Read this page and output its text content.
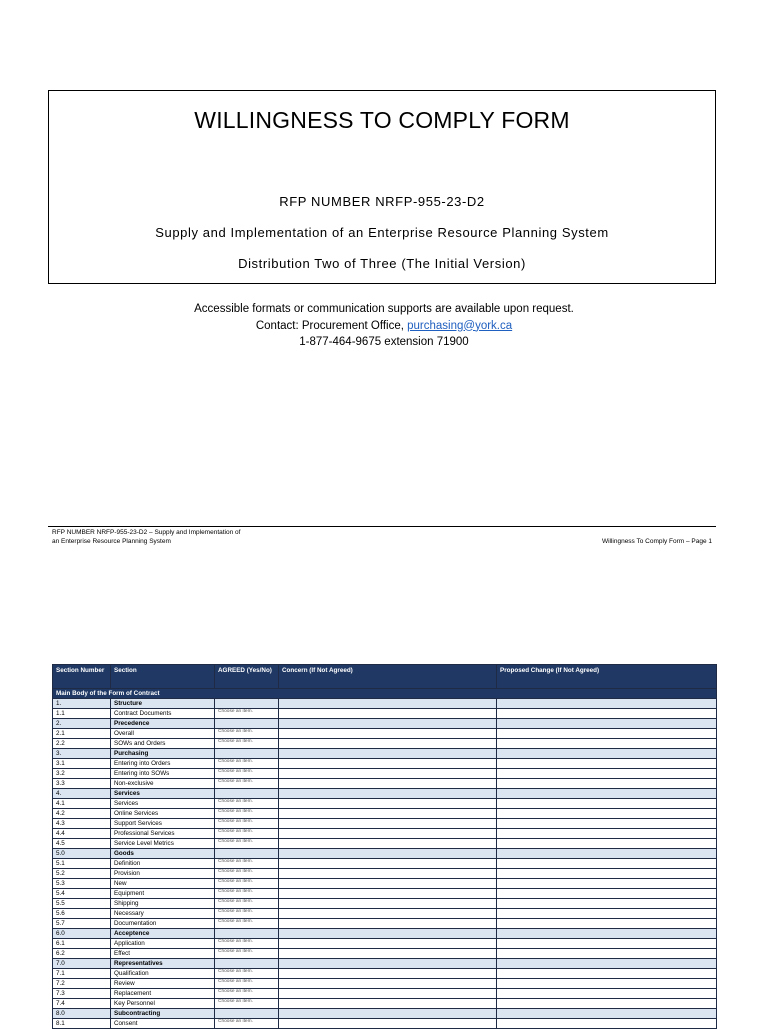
WILLINGNESS TO COMPLY FORM
RFP NUMBER NRFP-955-23-D2
Supply and Implementation of an Enterprise Resource Planning System
Distribution Two of Three (The Initial Version)
Accessible formats or communication supports are available upon request.
Contact: Procurement Office, purchasing@york.ca
1-877-464-9675 extension 71900
RFP NUMBER NRFP-955-23-D2 – Supply and Implementation of
an Enterprise Resource Planning System	Willingness To Comply Form – Page 1
Section Number	Section	AGREED (Yes/No)	Concern (If Not Agreed)	Proposed Change (If Not Agreed)
Main Body of the Form of Contract				
1.	Structure			
1.1	Contract Documents	Choose an item.		
2.	Precedence			
2.1	Overall	Choose an item.		
2.2	SOWs and Orders	Choose an item.		
3.	Purchasing			
3.1	Entering into Orders	Choose an item.		
3.2	Entering into SOWs	Choose an item.		
3.3	Non-exclusive	Choose an item.		
4.	Services			
4.1	Services	Choose an item.		
4.2	Online Services	Choose an item.		
4.3	Support Services	Choose an item.		
4.4	Professional Services	Choose an item.		
4.5	Service Level Metrics	Choose an item.		
5.0	Goods			
5.1	Definition	Choose an item.		
5.2	Provision	Choose an item.		
5.3	New	Choose an item.		
5.4	Equipment	Choose an item.		
5.5	Shipping	Choose an item.		
5.6	Necessary	Choose an item.		
5.7	Documentation	Choose an item.		
6.0	Acceptence			
6.1	Application	Choose an item.		
6.2	Effect	Choose an item.		
7.0	Representatives			
7.1	Qualification	Choose an item.		
7.2	Review	Choose an item.		
7.3	Replacement	Choose an item.		
7.4	Key Personnel	Choose an item.		
8.0	Subcontracting			
8.1	Consent	Choose an item.		
